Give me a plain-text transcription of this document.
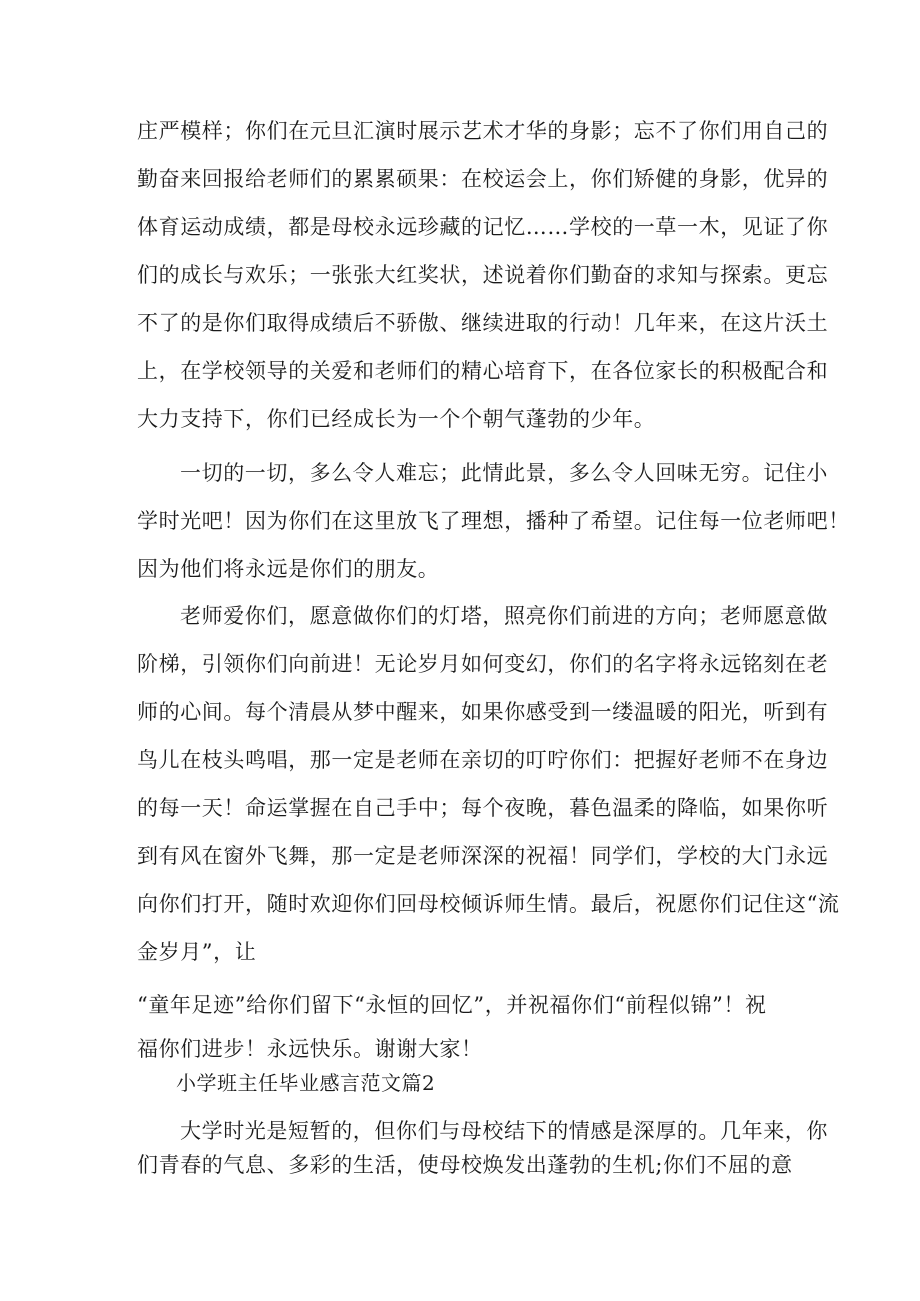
庄严模样；你们在元旦汇演时展示艺术才华的身影；忘不了你们用自己的
勤奋来回报给老师们的累累硕果：在校运会上，你们矫健的身影，优异的
体育运动成绩，都是母校永远珍藏的记忆……学校的一草一木，见证了你
们的成长与欢乐；一张张大红奖状，述说着你们勤奋的求知与探索。更忘
不了的是你们取得成绩后不骄傲、继续进取的行动！几年来，在这片沃土
上，在学校领导的关爱和老师们的精心培育下，在各位家长的积极配合和
大力支持下，你们已经成长为一个个朝气蓬勃的少年。
一切的一切，多么令人难忘；此情此景，多么令人回味无穷。记住小
学时光吧！因为你们在这里放飞了理想，播种了希望。记住每一位老师吧！
因为他们将永远是你们的朋友。
老师爱你们，愿意做你们的灯塔，照亮你们前进的方向；老师愿意做
阶梯，引领你们向前进！无论岁月如何变幻，你们的名字将永远铭刻在老
师的心间。每个清晨从梦中醒来，如果你感受到一缕温暖的阳光，听到有
鸟儿在枝头鸣唱，那一定是老师在亲切的叮咛你们：把握好老师不在身边
的每一天！命运掌握在自己手中；每个夜晚，暮色温柔的降临，如果你听
到有风在窗外飞舞，那一定是老师深深的祝福！同学们，学校的大门永远
向你们打开，随时欢迎你们回母校倾诉师生情。最后，祝愿你们记住这“流
金岁月”，让
“童年足迹”给你们留下“永恒的回忆”，并祝福你们“前程似锦”！祝
福你们进步！永远快乐。谢谢大家！
小学班主任毕业感言范文篇2
大学时光是短暂的，但你们与母校结下的情感是深厚的。几年来，你
们青春的气息、多彩的生活，使母校焕发出蓬勃的生机;你们不屈的意
